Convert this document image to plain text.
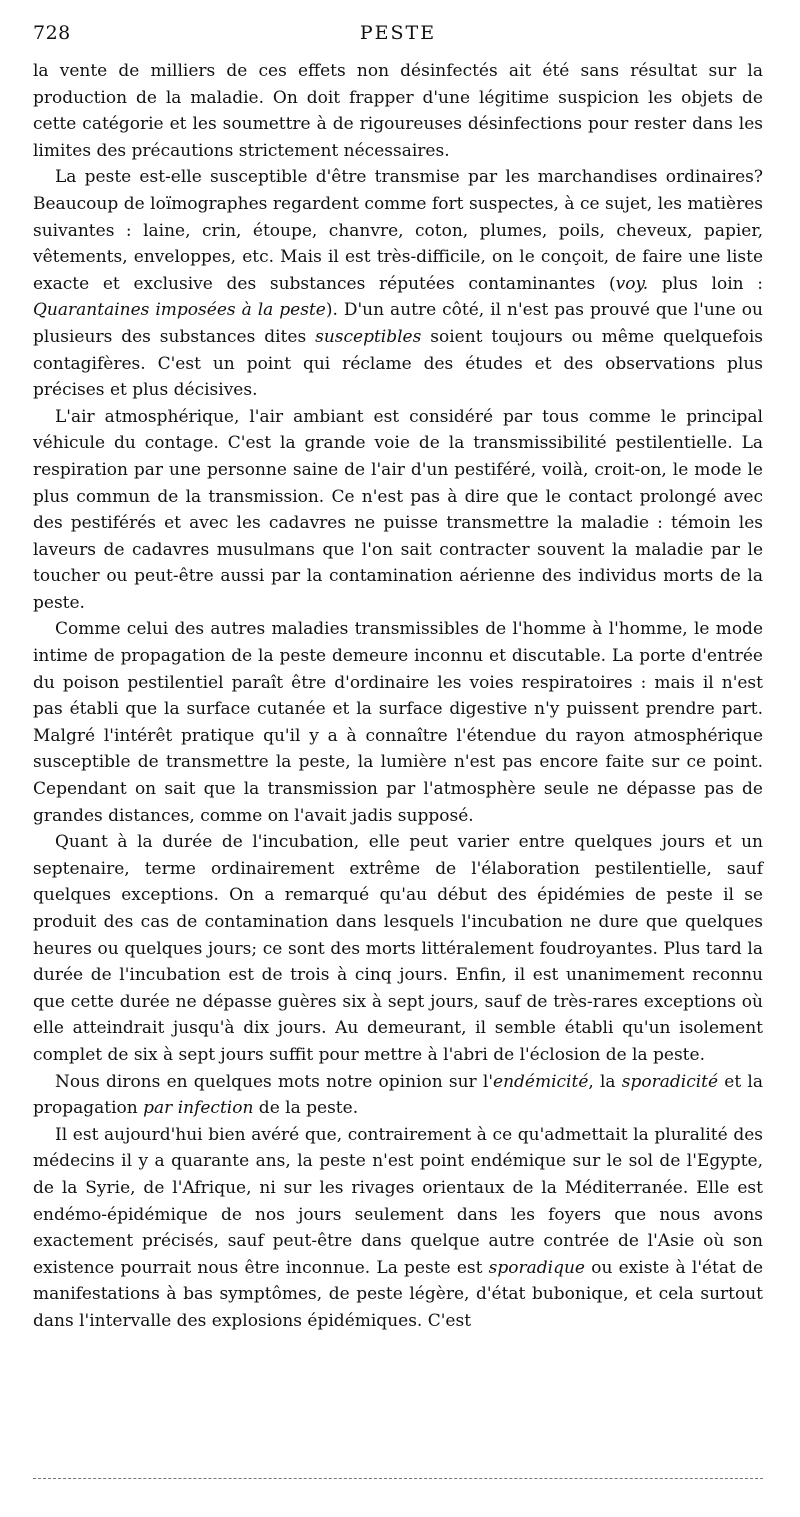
728	PESTE

la vente de milliers de ces effets non désinfectés ait été sans résultat sur la production de la maladie. On doit frapper d'une légitime suspicion les objets de cette catégorie et les soumettre à de rigoureuses désinfections pour rester dans les limites des précautions strictement nécessaires.

La peste est-elle susceptible d'être transmise par les marchandises ordinaires? Beaucoup de loïmographes regardent comme fort suspectes, à ce sujet, les matières suivantes : laine, crin, étoupe, chanvre, coton, plumes, poils, cheveux, papier, vêtements, enveloppes, etc. Mais il est très-difficile, on le conçoit, de faire une liste exacte et exclusive des substances réputées contaminantes (voy. plus loin : Quarantaines imposées à la peste). D'un autre côté, il n'est pas prouvé que l'une ou plusieurs des substances dites susceptibles soient toujours ou même quelquefois contagifères. C'est un point qui réclame des études et des observations plus précises et plus décisives.

L'air atmosphérique, l'air ambiant est considéré par tous comme le principal véhicule du contage. C'est la grande voie de la transmissibilité pestilentielle. La respiration par une personne saine de l'air d'un pestiféré, voilà, croit-on, le mode le plus commun de la transmission. Ce n'est pas à dire que le contact prolongé avec des pestiférés et avec les cadavres ne puisse transmettre la maladie : témoin les laveurs de cadavres musulmans que l'on sait contracter souvent la maladie par le toucher ou peut-être aussi par la contamination aérienne des individus morts de la peste.

Comme celui des autres maladies transmissibles de l'homme à l'homme, le mode intime de propagation de la peste demeure inconnu et discutable. La porte d'entrée du poison pestilentiel paraît être d'ordinaire les voies respiratoires : mais il n'est pas établi que la surface cutanée et la surface digestive n'y puissent prendre part. Malgré l'intérêt pratique qu'il y a à connaître l'étendue du rayon atmosphérique susceptible de transmettre la peste, la lumière n'est pas encore faite sur ce point. Cependant on sait que la transmission par l'atmosphère seule ne dépasse pas de grandes distances, comme on l'avait jadis supposé.

Quant à la durée de l'incubation, elle peut varier entre quelques jours et un septenaire, terme ordinairement extrême de l'élaboration pestilentielle, sauf quelques exceptions. On a remarqué qu'au début des épidémies de peste il se produit des cas de contamination dans lesquels l'incubation ne dure que quelques heures ou quelques jours; ce sont des morts littéralement foudroyantes. Plus tard la durée de l'incubation est de trois à cinq jours. Enfin, il est unanimement reconnu que cette durée ne dépasse guères six à sept jours, sauf de très-rares exceptions où elle atteindrait jusqu'à dix jours. Au demeurant, il semble établi qu'un isolement complet de six à sept jours suffit pour mettre à l'abri de l'éclosion de la peste.

Nous dirons en quelques mots notre opinion sur l'endémicité, la sporadicité et la propagation par infection de la peste.

Il est aujourd'hui bien avéré que, contrairement à ce qu'admettait la pluralité des médecins il y a quarante ans, la peste n'est point endémique sur le sol de l'Egypte, de la Syrie, de l'Afrique, ni sur les rivages orientaux de la Méditerranée. Elle est endémo-épidémique de nos jours seulement dans les foyers que nous avons exactement précisés, sauf peut-être dans quelque autre contrée de l'Asie où son existence pourrait nous être inconnue. La peste est sporadique ou existe à l'état de manifestations à bas symptômes, de peste légère, d'état bubonique, et cela surtout dans l'intervalle des explosions épidémiques. C'est
